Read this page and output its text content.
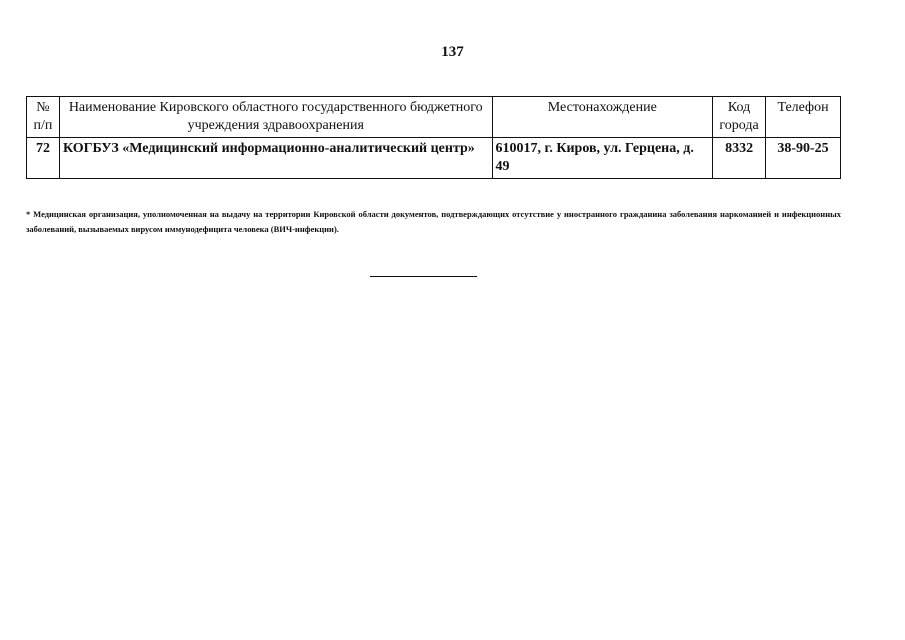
137
№ п/п	Наименование Кировского областного государственного бюджетного учреждения здравоохранения	Местонахождение	Код города	Телефон
72	КОГБУЗ «Медицинский информационно-аналитический центр»	610017, г. Киров, ул. Герцена, д. 49	8332	38-90-25
* Медицинская организация, уполномоченная на выдачу на территории Кировской области документов, подтверждающих отсутствие у иностранного гражданина заболевания наркоманией и инфекционных заболеваний, вызываемых вирусом иммунодефицита человека (ВИЧ-инфекции).
